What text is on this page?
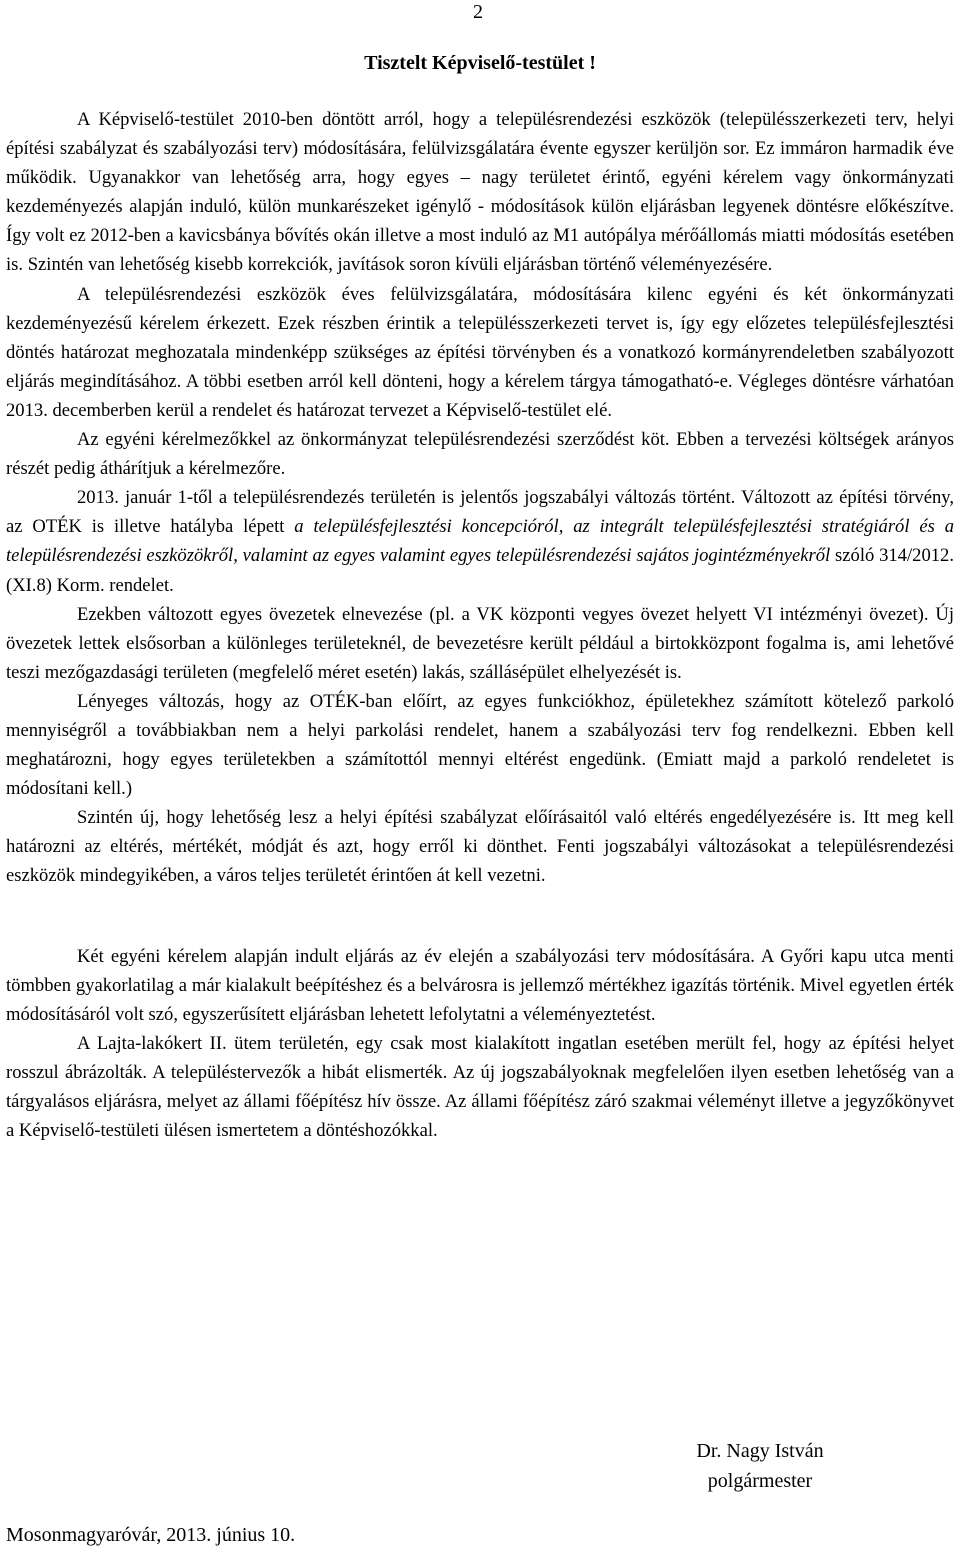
2
Tisztelt Képviselő-testület !

A Képviselő-testület 2010-ben döntött arról, hogy a településrendezési eszközök (településszerkezeti terv, helyi építési szabályzat és szabályozási terv) módosítására, felülvizsgálatára évente egyszer kerüljön sor. Ez immáron harmadik éve működik. Ugyanakkor van lehetőség arra, hogy egyes – nagy területet érintő, egyéni kérelem vagy önkormányzati kezdeményezés alapján induló, külön munkarészeket igénylő - módosítások külön eljárásban legyenek döntésre előkészítve. Így volt ez 2012-ben a kavicsbánya bővítés okán illetve a most induló az M1 autópálya mérőállomás miatti módosítás esetében is. Szintén van lehetőség kisebb korrekciók, javítások soron kívüli eljárásban történő véleményezésére.

A településrendezési eszközök éves felülvizsgálatára, módosítására kilenc egyéni és két önkormányzati kezdeményezésű kérelem érkezett. Ezek részben érintik a településszerkezeti tervet is, így egy előzetes településfejlesztési döntés határozat meghozatala mindenképp szükséges az építési törvényben és a vonatkozó kormányrendeletben szabályozott eljárás megindításához. A többi esetben arról kell dönteni, hogy a kérelem tárgya támogatható-e. Végleges döntésre várhatóan 2013. decemberben kerül a rendelet és határozat tervezet a Képviselő-testület elé.

Az egyéni kérelmezőkkel az önkormányzat településrendezési szerződést köt. Ebben a tervezési költségek arányos részét pedig áthárítjuk a kérelmezőre.

2013. január 1-től a településrendezés területén is jelentős jogszabályi változás történt. Változott az építési törvény, az OTÉK is illetve hatályba lépett a településfejlesztési koncepcióról, az integrált településfejlesztési stratégiáról és a településrendezési eszközökről, valamint az egyes valamint egyes településrendezési sajátos jogintézményekről szóló 314/2012.(XI.8) Korm. rendelet.

Ezekben változott egyes övezetek elnevezése (pl. a VK központi vegyes övezet helyett VI intézményi övezet). Új övezetek lettek elsősorban a különleges területeknél, de bevezetésre került például a birtokközpont fogalma is, ami lehetővé teszi mezőgazdasági területen (megfelelő méret esetén) lakás, szállásépület elhelyezését is.

Lényeges változás, hogy az OTÉK-ban előírt, az egyes funkciókhoz, épületekhez számított kötelező parkoló mennyiségről a továbbiakban nem a helyi parkolási rendelet, hanem a szabályozási terv fog rendelkezni. Ebben kell meghatározni, hogy egyes területekben a számítottól mennyi eltérést engedünk. (Emiatt majd a parkoló rendeletet is módosítani kell.)

Szintén új, hogy lehetőség lesz a helyi építési szabályzat előírásaitól való eltérés engedélyezésére is. Itt meg kell határozni az eltérés, mértékét, módját és azt, hogy erről ki dönthet. Fenti jogszabályi változásokat a településrendezési eszközök mindegyikében, a város teljes területét érintően át kell vezetni.

Két egyéni kérelem alapján indult eljárás az év elején a szabályozási terv módosítására. A Győri kapu utca menti tömbben gyakorlatilag a már kialakult beépítéshez és a belvárosra is jellemző mértékhez igazítás történik. Mivel egyetlen érték módosításáról volt szó, egyszerűsített eljárásban lehetett lefolytatni a véleményeztetést.

A Lajta-lakókert II. ütem területén, egy csak most kialakított ingatlan esetében merült fel, hogy az építési helyet rosszul ábrázolták. A településtervezők a hibát elismerték. Az új jogszabályoknak megfelelően ilyen esetben lehetőség van a tárgyalásos eljárásra, melyet az állami főépítész hív össze. Az állami főépítész záró szakmai véleményt illetve a jegyzőkönyvet a Képviselő-testületi ülésen ismertetem a döntéshozókkal.

Dr. Nagy István
polgármester
Mosonmagyaróvár, 2013. június 10.
